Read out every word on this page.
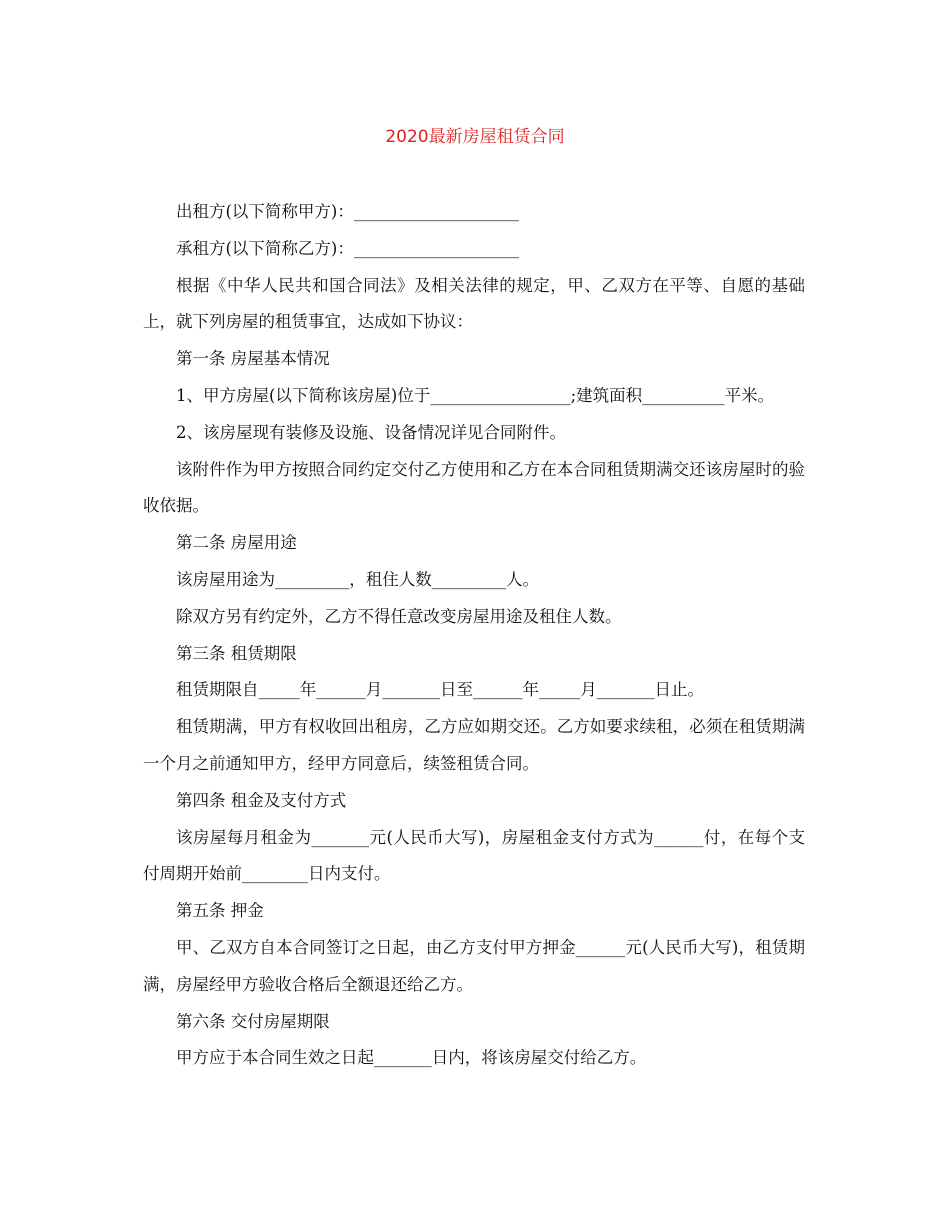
2020最新房屋租赁合同

出租方(以下简称甲方)：____________________

承租方(以下简称乙方)：____________________

根据《中华人民共和国合同法》及相关法律的规定，甲、乙双方在平等、自愿的基础上，就下列房屋的租赁事宜，达成如下协议：

第一条 房屋基本情况

1、甲方房屋(以下简称该房屋)位于_________________;建筑面积__________平米。

2、该房屋现有装修及设施、设备情况详见合同附件。

该附件作为甲方按照合同约定交付乙方使用和乙方在本合同租赁期满交还该房屋时的验收依据。

第二条 房屋用途

该房屋用途为_________，租住人数_________人。

除双方另有约定外，乙方不得任意改变房屋用途及租住人数。

第三条 租赁期限

租赁期限自_____年______月_______日至______年_____月_______日止。

租赁期满，甲方有权收回出租房，乙方应如期交还。乙方如要求续租，必须在租赁期满一个月之前通知甲方，经甲方同意后，续签租赁合同。

第四条 租金及支付方式

该房屋每月租金为_______元(人民币大写)，房屋租金支付方式为______付，在每个支付周期开始前________日内支付。

第五条 押金

甲、乙双方自本合同签订之日起，由乙方支付甲方押金______元(人民币大写)，租赁期满，房屋经甲方验收合格后全额退还给乙方。

第六条 交付房屋期限

甲方应于本合同生效之日起_______日内，将该房屋交付给乙方。
